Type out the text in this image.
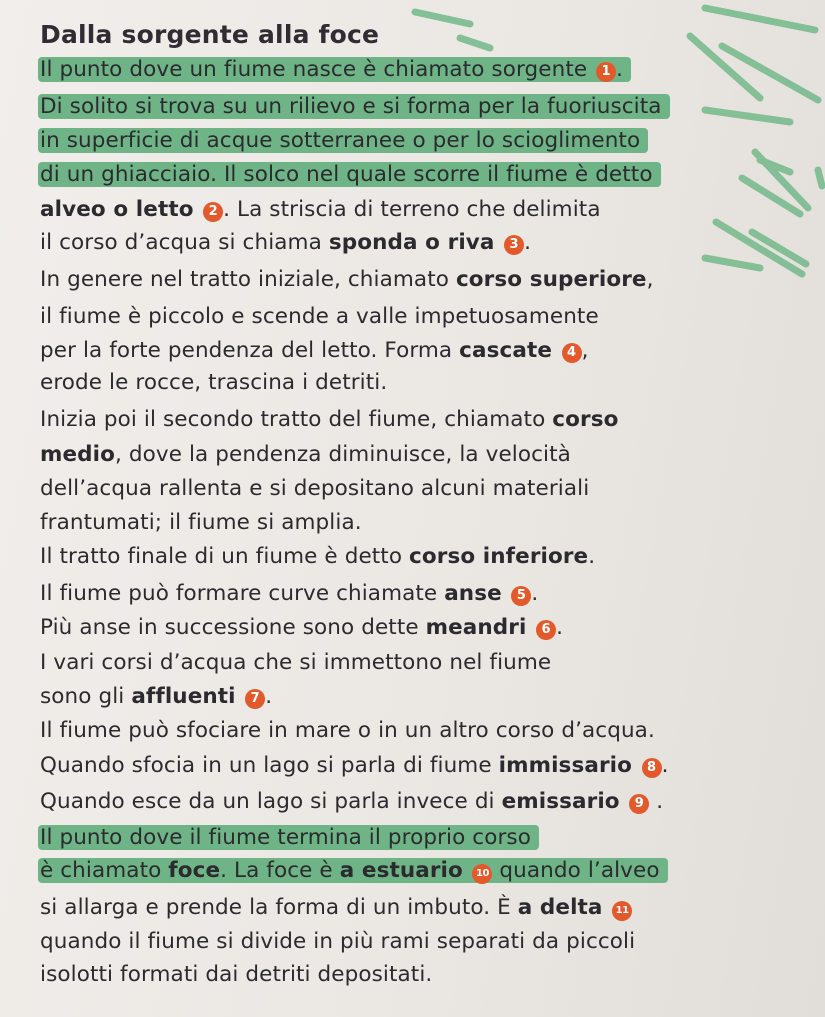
Dalla sorgente alla foce
Il punto dove un fiume nasce è chiamato sorgente 1 .
Di solito si trova su un rilievo e si forma per la fuoriuscita
in superficie di acque sotterranee o per lo scioglimento
di un ghiacciaio. Il solco nel quale scorre il fiume è detto
alveo o letto 2 . La striscia di terreno che delimita
il corso d’acqua si chiama sponda o riva 3 .
In genere nel tratto iniziale, chiamato corso superiore,
il fiume è piccolo e scende a valle impetuosamente
per la forte pendenza del letto. Forma cascate 4 ,
erode le rocce, trascina i detriti.
Inizia poi il secondo tratto del fiume, chiamato corso
medio, dove la pendenza diminuisce, la velocità
dell’acqua rallenta e si depositano alcuni materiali
frantumati; il fiume si amplia.
Il tratto finale di un fiume è detto corso inferiore.
Il fiume può formare curve chiamate anse 5 .
Più anse in successione sono dette meandri 6 .
I vari corsi d’acqua che si immettono nel fiume
sono gli affluenti 7 .
Il fiume può sfociare in mare o in un altro corso d’acqua.
Quando sfocia in un lago si parla di fiume immissario 8 .
Quando esce da un lago si parla invece di emissario 9 .
Il punto dove il fiume termina il proprio corso
è chiamato foce. La foce è a estuario 10 quando l’alveo
si allarga e prende la forma di un imbuto. È a delta 11
quando il fiume si divide in più rami separati da piccoli
isolotti formati dai detriti depositati.
